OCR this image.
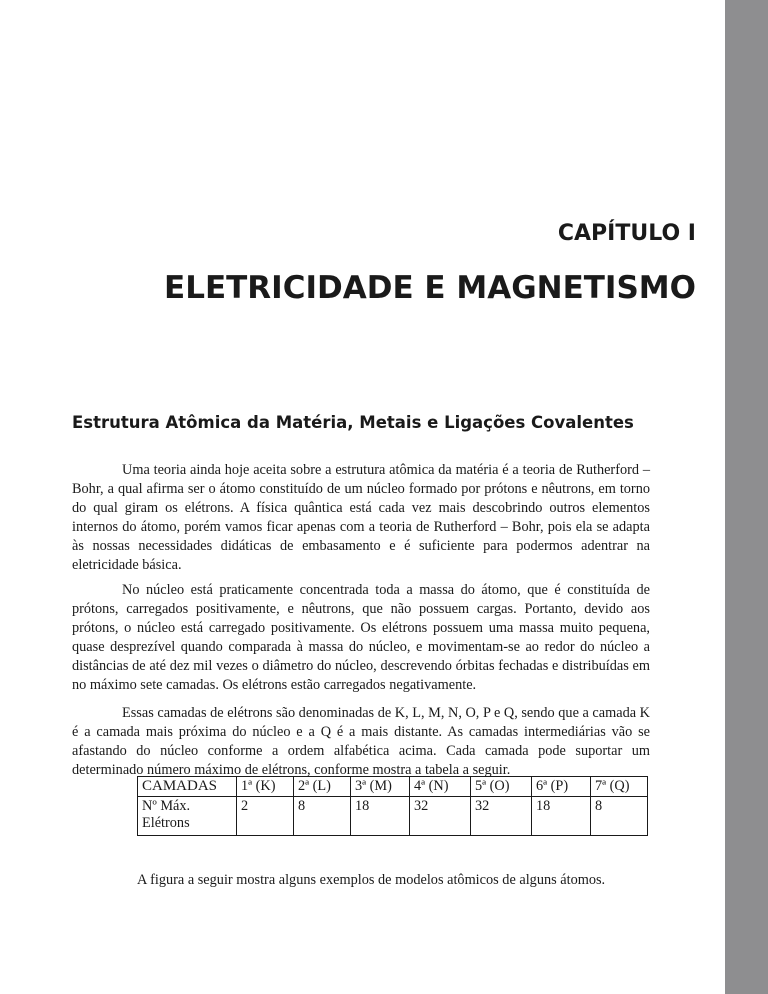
CAPÍTULO I
ELETRICIDADE E MAGNETISMO
Estrutura Atômica da Matéria, Metais e Ligações Covalentes

Uma teoria ainda hoje aceita sobre a estrutura atômica da matéria é a teoria de Rutherford – Bohr, a qual afirma ser o átomo constituído de um núcleo formado por prótons e nêutrons, em torno do qual giram os elétrons. A física quântica está cada vez mais descobrindo outros elementos internos do átomo, porém vamos ficar apenas com a teoria de Rutherford – Bohr, pois ela se adapta às nossas necessidades didáticas de embasamento e é suficiente para podermos adentrar na eletricidade básica.

No núcleo está praticamente concentrada toda a massa do átomo, que é constituída de prótons, carregados positivamente, e nêutrons, que não possuem cargas. Portanto, devido aos prótons, o núcleo está carregado positivamente. Os elétrons possuem uma massa muito pequena, quase desprezível quando comparada à massa do núcleo, e movimentam-se ao redor do núcleo a distâncias de até dez mil vezes o diâmetro do núcleo, descrevendo órbitas fechadas e distribuídas em no máximo sete camadas. Os elétrons estão carregados negativamente.

Essas camadas de elétrons são denominadas de K, L, M, N, O, P e Q, sendo que a camada K é a camada mais próxima do núcleo e a Q é a mais distante. As camadas intermediárias vão se afastando do núcleo conforme a ordem alfabética acima. Cada camada pode suportar um determinado número máximo de elétrons, conforme mostra a tabela a seguir.

CAMADAS	1ª (K)	2ª (L)	3ª (M)	4ª (N)	5ª (O)	6ª (P)	7ª (Q)
Nº Máx. Elétrons	2	8	18	32	32	18	8
A figura a seguir mostra alguns exemplos de modelos atômicos de alguns átomos.
